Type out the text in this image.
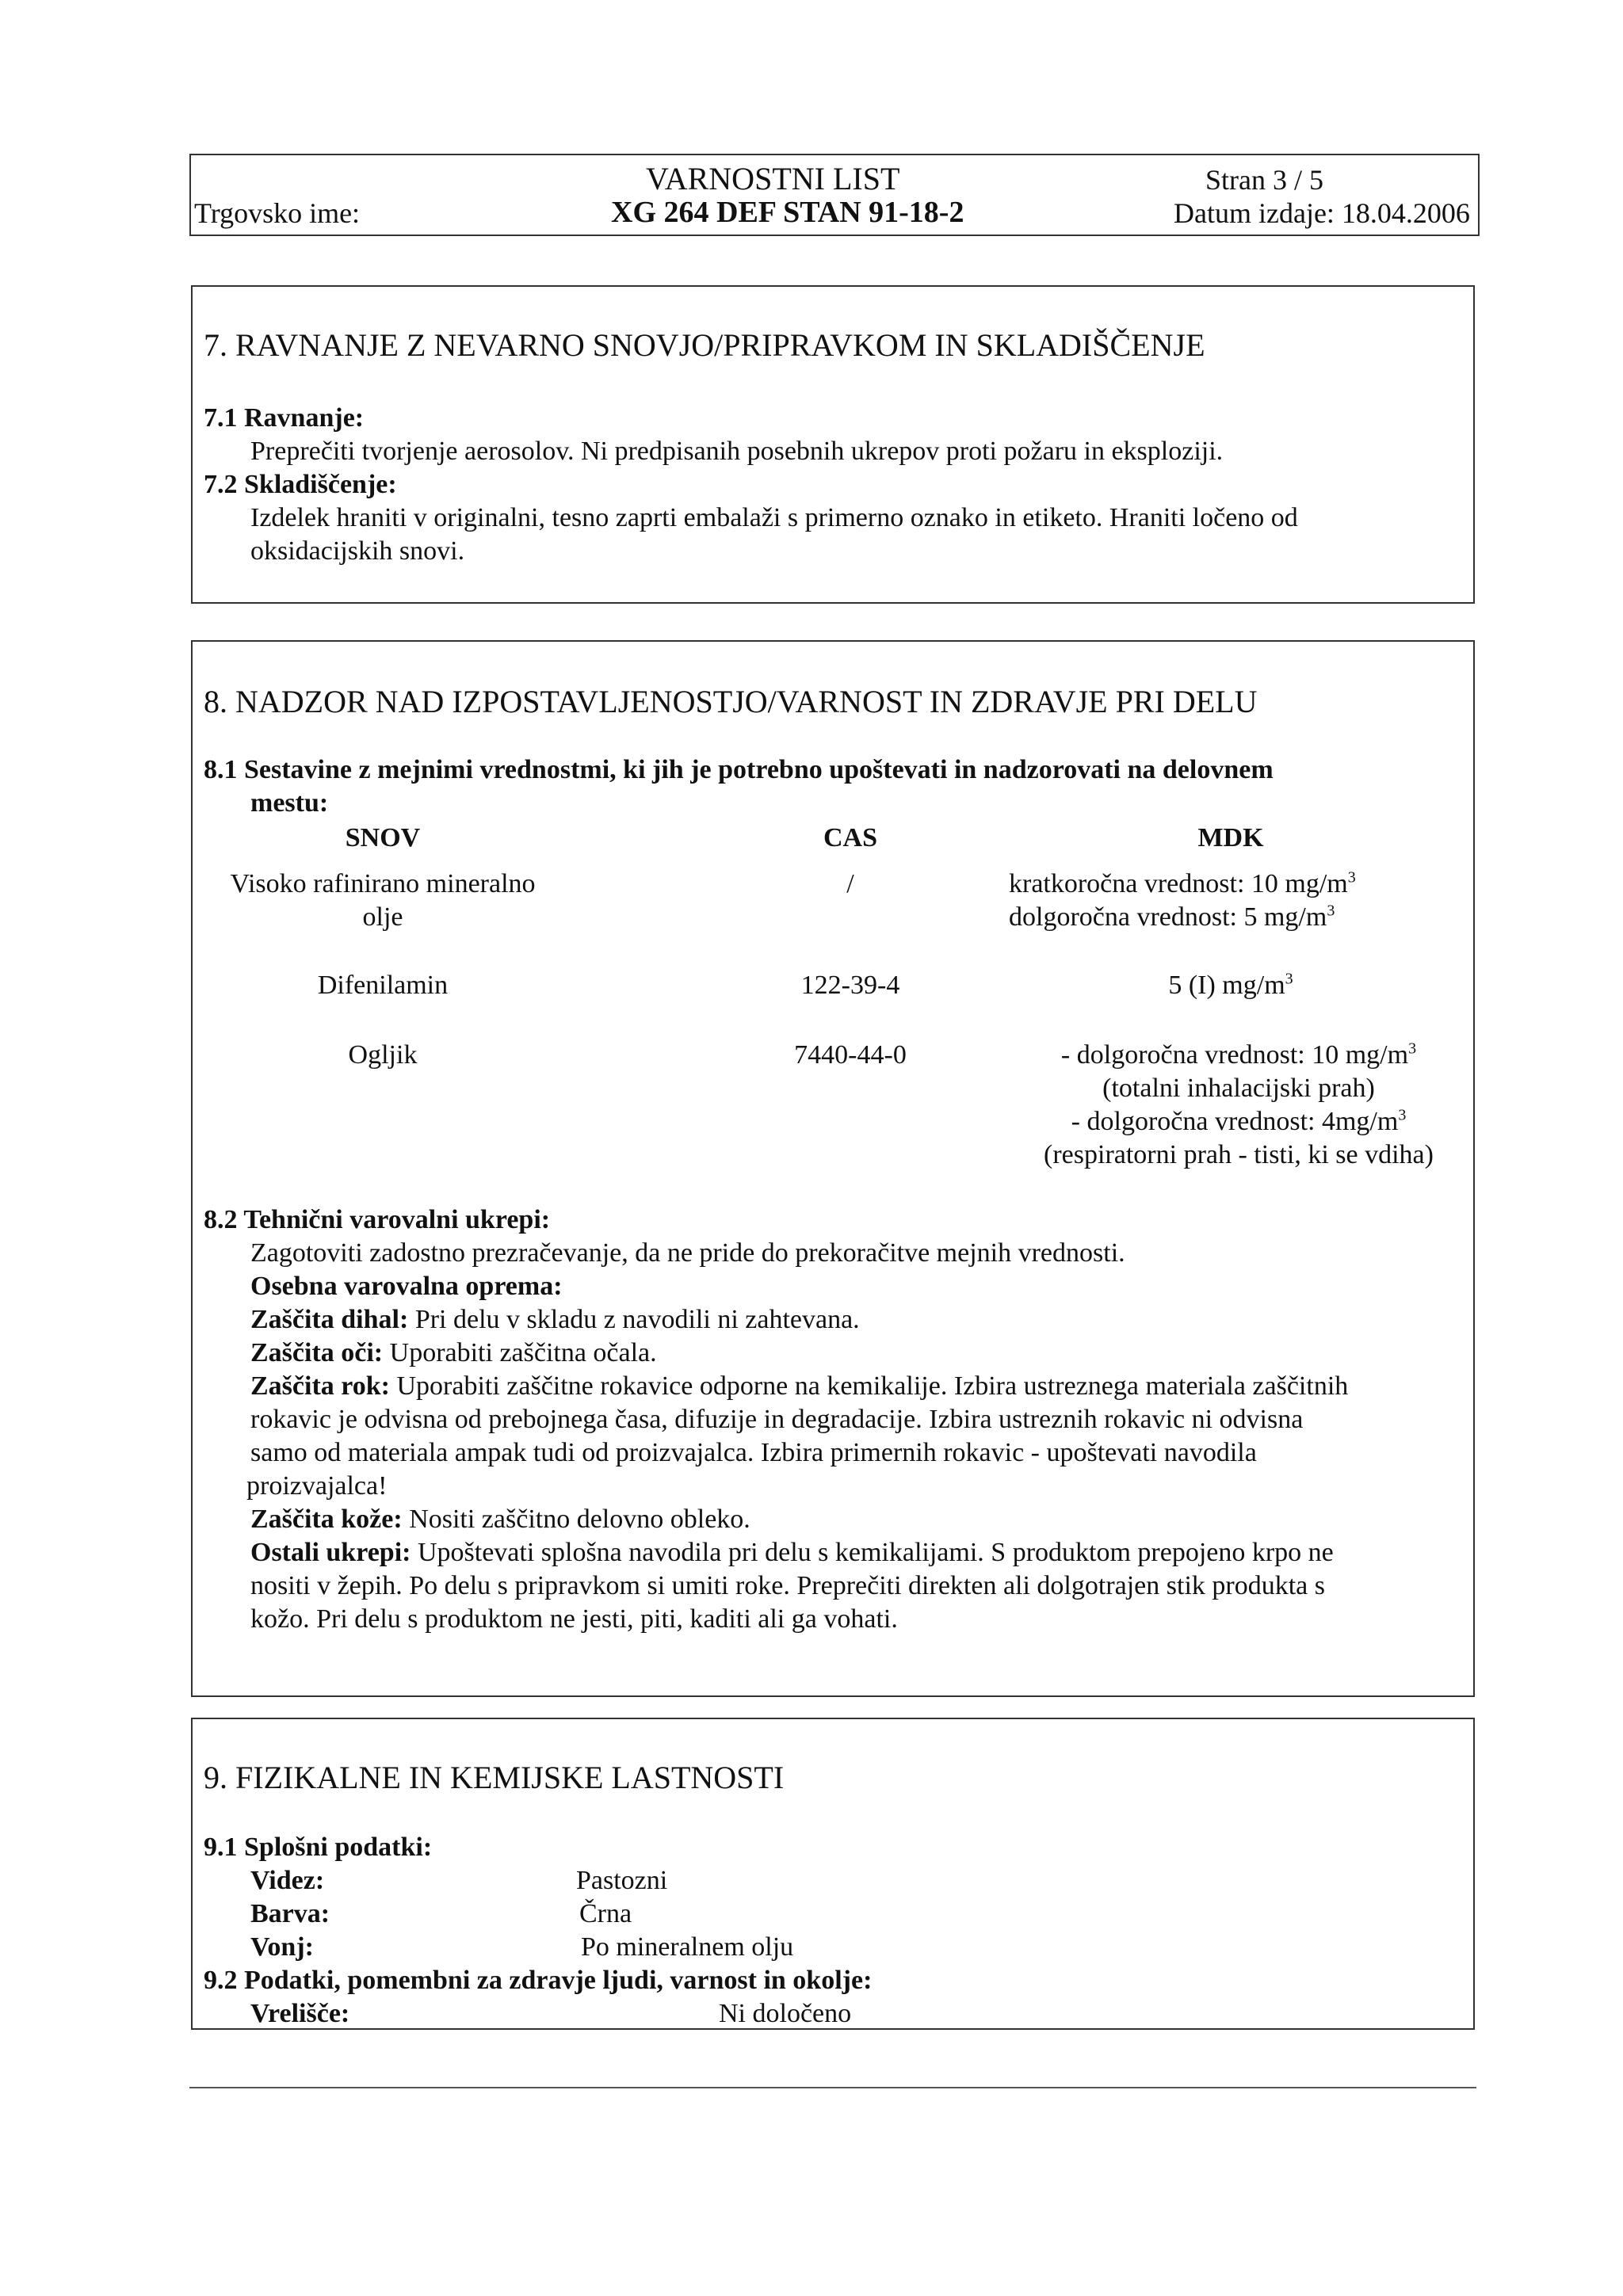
VARNOSTNI LIST	Stran 3 / 5
Trgovsko ime:	XG 264 DEF STAN 91-18-2	Datum izdaje: 18.04.2006
7. RAVNANJE Z NEVARNO SNOVJO/PRIPRAVKOM IN SKLADIŠČENJE
7.1 Ravnanje:
Preprečiti tvorjenje aerosolov. Ni predpisanih posebnih ukrepov proti požaru in eksploziji.
7.2 Skladiščenje:
Izdelek hraniti v originalni, tesno zaprti embalaži s primerno oznako in etiketo. Hraniti ločeno od
oksidacijskih snovi.
8. NADZOR NAD IZPOSTAVLJENOSTJO/VARNOST IN ZDRAVJE PRI DELU
8.1 Sestavine z mejnimi vrednostmi, ki jih je potrebno upoštevati in nadzorovati na delovnem
mestu:
SNOV	CAS	MDK
Visoko rafinirano mineralno
olje
/	kratkoročna vrednost: 10 $mg/m^3$
dolgoročna vrednost: 5 $mg/m^3$
Difenilamin	122-39-4	5 (I) $mg/m^3$
Ogljik	7440-44-0	- dolgoročna vrednost: 10 $mg/m^3$
(totalni inhalacijski prah)
- dolgoročna vrednost: $4mg/m^3$
(respiratorni prah - tisti, ki se vdiha)
8.2 Tehnični varovalni ukrepi:
Zagotoviti zadostno prezračevanje, da ne pride do prekoračitve mejnih vrednosti.
Osebna varovalna oprema:
Zaščita dihal: Pri delu v skladu z navodili ni zahtevana.
Zaščita oči: Uporabiti zaščitna očala.
Zaščita rok: Uporabiti zaščitne rokavice odporne na kemikalije. Izbira ustreznega materiala zaščitnih
rokavic je odvisna od prebojnega časa, difuzije in degradacije. Izbira ustreznih rokavic ni odvisna
samo od materiala ampak tudi od proizvajalca. Izbira primernih rokavic - upoštevati navodila
proizvajalca!
Zaščita kože: Nositi zaščitno delovno obleko.
Ostali ukrepi: Upoštevati splošna navodila pri delu s kemikalijami. S produktom prepojeno krpo ne
nositi v žepih. Po delu s pripravkom si umiti roke. Preprečiti direkten ali dolgotrajen stik produkta s
kožo. Pri delu s produktom ne jesti, piti, kaditi ali ga vohati.
9. FIZIKALNE IN KEMIJSKE LASTNOSTI
9.1 Splošni podatki:
Videz:	Pastozni
Barva:	Črna
Vonj:	Po mineralnem olju
9.2 Podatki, pomembni za zdravje ljudi, varnost in okolje:
Vrelišče:	Ni določeno
